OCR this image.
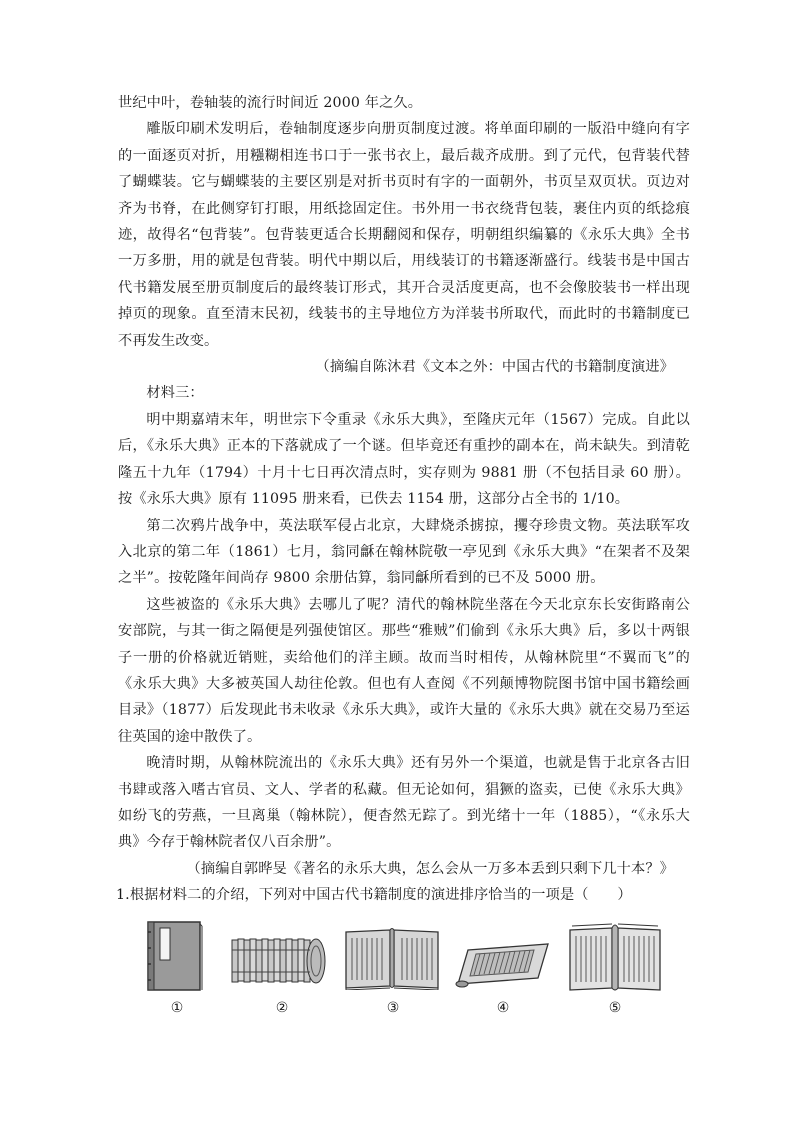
世纪中叶，卷轴装的流行时间近 2000 年之久。

雕版印刷术发明后，卷轴制度逐步向册页制度过渡。将单面印刷的一版沿中缝向有字的一面逐页对折，用糨糊相连书口于一张书衣上，最后裁齐成册。到了元代，包背装代替了蝴蝶装。它与蝴蝶装的主要区别是对折书页时有字的一面朝外，书页呈双页状。页边对齐为书脊，在此侧穿钉打眼，用纸捻固定住。书外用一书衣绕背包装，裹住内页的纸捻痕迹，故得名“包背装”。包背装更适合长期翻阅和保存，明朝组织编纂的《永乐大典》全书一万多册，用的就是包背装。明代中期以后，用线装订的书籍逐渐盛行。线装书是中国古代书籍发展至册页制度后的最终装订形式，其开合灵活度更高，也不会像胶装书一样出现掉页的现象。直至清末民初，线装书的主导地位方为洋装书所取代，而此时的书籍制度已不再发生改变。

（摘编自陈沐君《文本之外：中国古代的书籍制度演进》

材料三：

明中期嘉靖末年，明世宗下令重录《永乐大典》，至隆庆元年（1567）完成。自此以后，《永乐大典》正本的下落就成了一个谜。但毕竟还有重抄的副本在，尚未缺失。到清乾隆五十九年（1794）十月十七日再次清点时，实存则为 9881 册（不包括目录 60 册）。按《永乐大典》原有 11095 册来看，已佚去 1154 册，这部分占全书的 1/10。

第二次鸦片战争中，英法联军侵占北京，大肆烧杀掳掠，攫夺珍贵文物。英法联军攻入北京的第二年（1861）七月，翁同龢在翰林院敬一亭见到《永乐大典》“在架者不及架之半”。按乾隆年间尚存 9800 余册估算，翁同龢所看到的已不及 5000 册。

这些被盗的《永乐大典》去哪儿了呢？清代的翰林院坐落在今天北京东长安街路南公安部院，与其一街之隔便是列强使馆区。那些“雅贼”们偷到《永乐大典》后，多以十两银子一册的价格就近销赃，卖给他们的洋主顾。故而当时相传，从翰林院里“不翼而飞”的《永乐大典》大多被英国人劫往伦敦。但也有人查阅《不列颠博物院图书馆中国书籍绘画目录》（1877）后发现此书未收录《永乐大典》，或许大量的《永乐大典》就在交易乃至运往英国的途中散佚了。

晚清时期，从翰林院流出的《永乐大典》还有另外一个渠道，也就是售于北京各古旧书肆或落入嗜古官员、文人、学者的私藏。但无论如何，猖獗的盗卖，已使《永乐大典》如纷飞的劳燕，一旦离巢（翰林院），便杳然无踪了。到光绪十一年（1885），“《永乐大典》今存于翰林院者仅八百余册”。

（摘编自郭晔旻《著名的永乐大典，怎么会从一万多本丢到只剩下几十本？》

1.根据材料二的介绍，下列对中国古代书籍制度的演进排序恰当的一项是（　　）

①	②	③	④	⑤
